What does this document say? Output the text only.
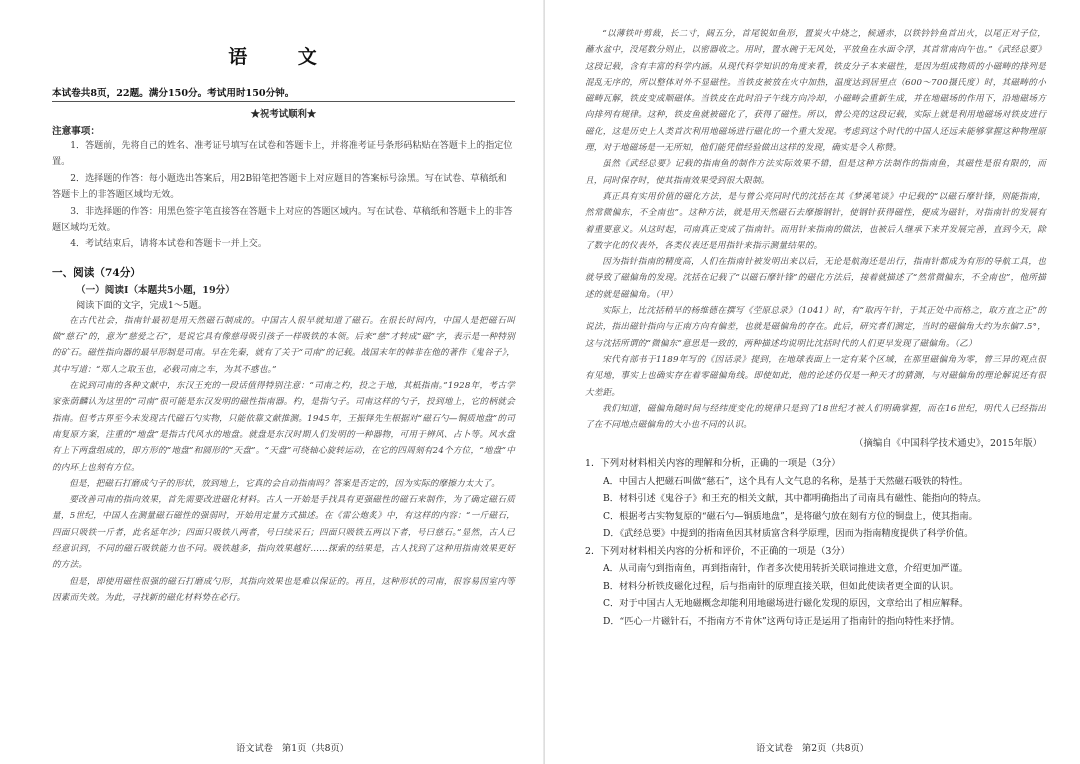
语 文
本试卷共8页，22题。满分150分。考试用时150分钟。
★祝考试顺利★
注意事项：

1．答题前，先将自己的姓名、准考证号填写在试卷和答题卡上，并将准考证号条形码粘贴在答题卡上的指定位置。

2．选择题的作答：每小题选出答案后，用2B铅笔把答题卡上对应题目的答案标号涂黑。写在试卷、草稿纸和答题卡上的非答题区域均无效。

3．非选择题的作答：用黑色签字笔直接答在答题卡上对应的答题区域内。写在试卷、草稿纸和答题卡上的非答题区域均无效。

4．考试结束后，请将本试卷和答题卡一并上交。

一、阅读（74分）
（一）阅读Ⅰ（本题共5小题，19分）
阅读下面的文字，完成1～5题。

在古代社会，指南针最初是用天然磁石制成的。中国古人很早就知道了磁石。在很长时间内，中国人是把磁石叫做“慈石”的，意为“慈爱之石”，是说它具有像慈母吸引孩子一样吸铁的本领。后来“慈”才转成“磁”字，表示是一种特别的矿石。磁性指向器的最早形制是司南。早在先秦，就有了关于“司南”的记载。战国末年的韩非在他的著作《鬼谷子》，其中写道：“郑人之取玉也，必载司南之车，为其不惑也。”

在说到司南的各种文献中，东汉王充的一段话值得特别注意：“司南之杓，投之于地，其柢指南。”1928年，考古学家张荫麟认为这里的“司南”很可能是东汉发明的磁性指南器。杓，是指勺子。司南这样的勺子，投到地上，它的柄就会指南。但考古界至今未发现古代磁石勺实物，只能依靠文献推测。1945年，王振铎先生根据对“磁石勺—铜质地盘”的司南复原方案，注重的“地盘”是指古代风水的地盘。就盘是东汉时期人们发明的一种器物，可用于辨风、占卜等。风水盘有上下两盘组成的，即方形的“地盘”和圆形的“天盘”。“天盘”可绕轴心旋转运动，在它的四周刻有24个方位，“地盘”中的内环上也刻有方位。

但是，把磁石打磨成勺子的形状，放到地上，它真的会自动指南吗？答案是否定的，因为实际的摩擦力太大了。

要改善司南的指向效果，首先需要改进磁化材料。古人一开始是手找具有更强磁性的磁石来制作，为了确定磁石质量，5世纪，中国人在测量磁石磁性的强弱时，开始用定量方式描述。在《雷公炮炙》中，有这样的内容：“一斤磁石，四面只吸铁一斤者，此名延年沙；四面只吸铁八两者，号曰续采石；四面只吸铁五两以下者，号曰慈石。”显然，古人已经意识到，不同的磁石吸铁能力也不同。吸铁越多，指向效果越好……探索的结果是，古人找到了这种用指南效果更好的方法。

但是，即使用磁性很强的磁石打磨成勺形，其指向效果也是难以保证的。再且，这种形状的司南，很容易因室内等因素而失效。为此，寻找新的磁化材料势在必行。

语文试卷　第1页（共8页）

“以薄铁叶剪裁，长二寸，阔五分，首尾锐如鱼形，置炭火中烧之，候通赤，以铁钤钤鱼首出火，以尾正对子位，蘸水盆中，没尾数分则止，以密器收之。用时，置水碗于无风处，平放鱼在水面令浮，其首常南向午也。”《武经总要》这段记载，含有丰富的科学内涵。从现代科学知识的角度来看，铁皮分子本来磁性，是因为组成物质的小磁畴的排列是混乱无序的，所以整体对外不显磁性。当铁皮被放在火中加热，温度达到居里点（600～700摄氏度）时，其磁畴的小磁畴瓦解，铁皮变成顺磁体。当铁皮在此时沿子午线方向冷却，小磁畴会重新生成，并在地磁场的作用下，沿地磁场方向排列有规律。这种，铁皮鱼就被磁化了，获得了磁性。所以，曾公亮的这段记载，实际上就是利用地磁场对铁皮进行磁化，这是历史上人类首次利用地磁场进行磁化的一个重大发现。考虑到这个时代的中国人还远未能够掌握这种物理原理，对于地磁场是一无所知，他们能凭借经验做出这样的发现，确实是令人称赞。

虽然《武经总要》记载的指南鱼的制作方法实际效果不错，但是这种方法制作的指南鱼，其磁性是很有限的，而且，同时保存时，使其指南效果受到很大限制。

真正具有实用价值的磁化方法，是与曾公亮同时代的沈括在其《梦溪笔谈》中记载的“以磁石摩针锋，则能指南，然常微偏东，不全南也”。这种方法，就是用天然磁石去摩擦钢针，使钢针获得磁性，便成为磁针，对指南针的发展有着重要意义。从这时起，司南真正变成了指南针。而用针来指南的做法，也被后人继承下来并发展完善，直到今天，除了数字化的仪表外，各类仪表还是用指针来指示测量结果的。

因为指针指南的精度高，人们在指南针被发明出来以后，无论是航海还是出行，指南针都成为有形的导航工具，也就导致了磁偏角的发现。沈括在记载了“以磁石摩针锋”的磁化方法后，接着就描述了“然常微偏东，不全南也”，他所描述的就是磁偏角。（甲）

实际上，比沈括稍早的杨维德在撰写《茔原总录》（1041）时，有“取丙午针，于其正处中而格之，取方直之正”的说法，指出磁针指向与正南方向有偏差，也就是磁偏角的存在。此后，研究者们测定，当时的磁偏角大约为东偏7.5°，这与沈括所谓的“微偏东”意思是一致的，两种描述均说明比沈括时代的人们更早发现了磁偏角。（乙）

宋代有部书于1189年写的《因话录》提到，在地球表面上一定有某个区域，在那里磁偏角为零，曾三异的观点很有见地，事实上也确实存在着零磁偏角线。即使如此，他的论述仍仅是一种天才的猜测，与对磁偏角的理论解说还有很大差距。

我们知道，磁偏角随时间与经纬度变化的规律只是到了18世纪才被人们明确掌握，而在16世纪，明代人已经指出了在不同地点磁偏角的大小也不同的认识。

（摘编自《中国科学技术通史》，2015年版）

1．下列对材料相关内容的理解和分析，正确的一项是（3分）

A．中国古人把磁石叫做“慈石”，这个具有人文气息的名称，是基于天然磁石吸铁的特性。

B．材料引述《鬼谷子》和王充的相关文献，其中都明确指出了司南具有磁性、能指向的特点。

C．根据考古实物复原的“磁石勺—铜质地盘”，是将磁勺放在刻有方位的铜盘上，使其指南。

D．《武经总要》中提到的指南鱼因其材质富含科学原理，因而为指南精度提供了科学价值。

2．下列对材料相关内容的分析和评价，不正确的一项是（3分）

A．从司南勺到指南鱼，再到指南针，作者多次使用转折关联词推进文意，介绍更加严谨。

B．材料分析铁皮磁化过程，后与指南针的原理直接关联，但如此使读者更全面的认识。

C．对于中国古人无地磁概念却能利用地磁场进行磁化发现的原因，文章给出了相应解释。

D．“匹心一片磁针石，不指南方不肯休”这两句诗正是运用了指南针的指向特性来抒情。

语文试卷　第2页（共8页）
